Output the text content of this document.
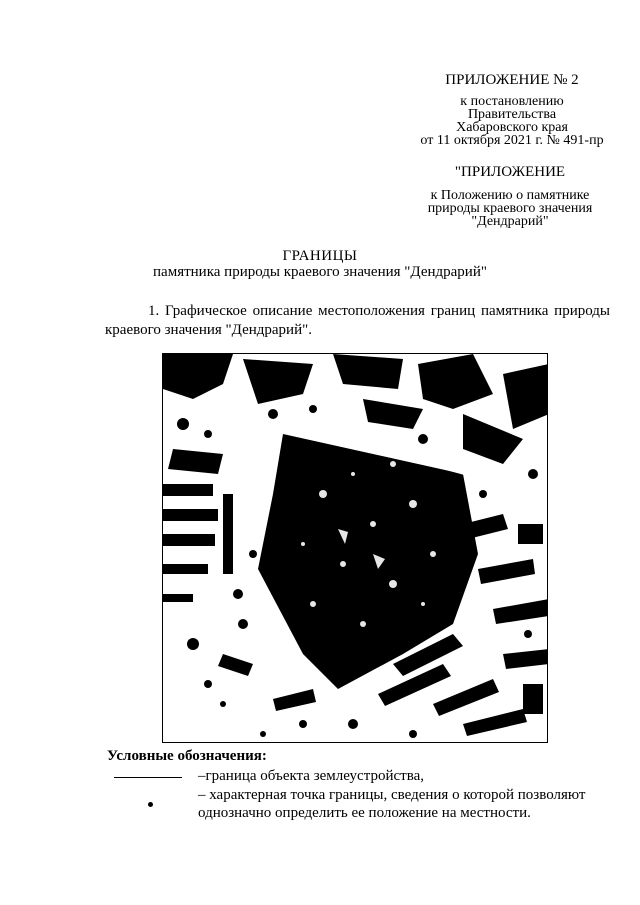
ПРИЛОЖЕНИЕ № 2
к постановлению
Правительства
Хабаровского края
от 11 октября 2021 г. № 491-пр
"ПРИЛОЖЕНИЕ
к Положению о памятнике
природы краевого значения
"Дендрарий"
ГРАНИЦЫ
памятника природы краевого значения "Дендрарий"
1. Графическое описание местоположения границ памятника природы
краевого значения "Дендрарий".
Условные обозначения:
–граница объекта землеустройства,
– характерная точка границы, сведения о которой позволяют
однозначно определить ее положение на местности.
